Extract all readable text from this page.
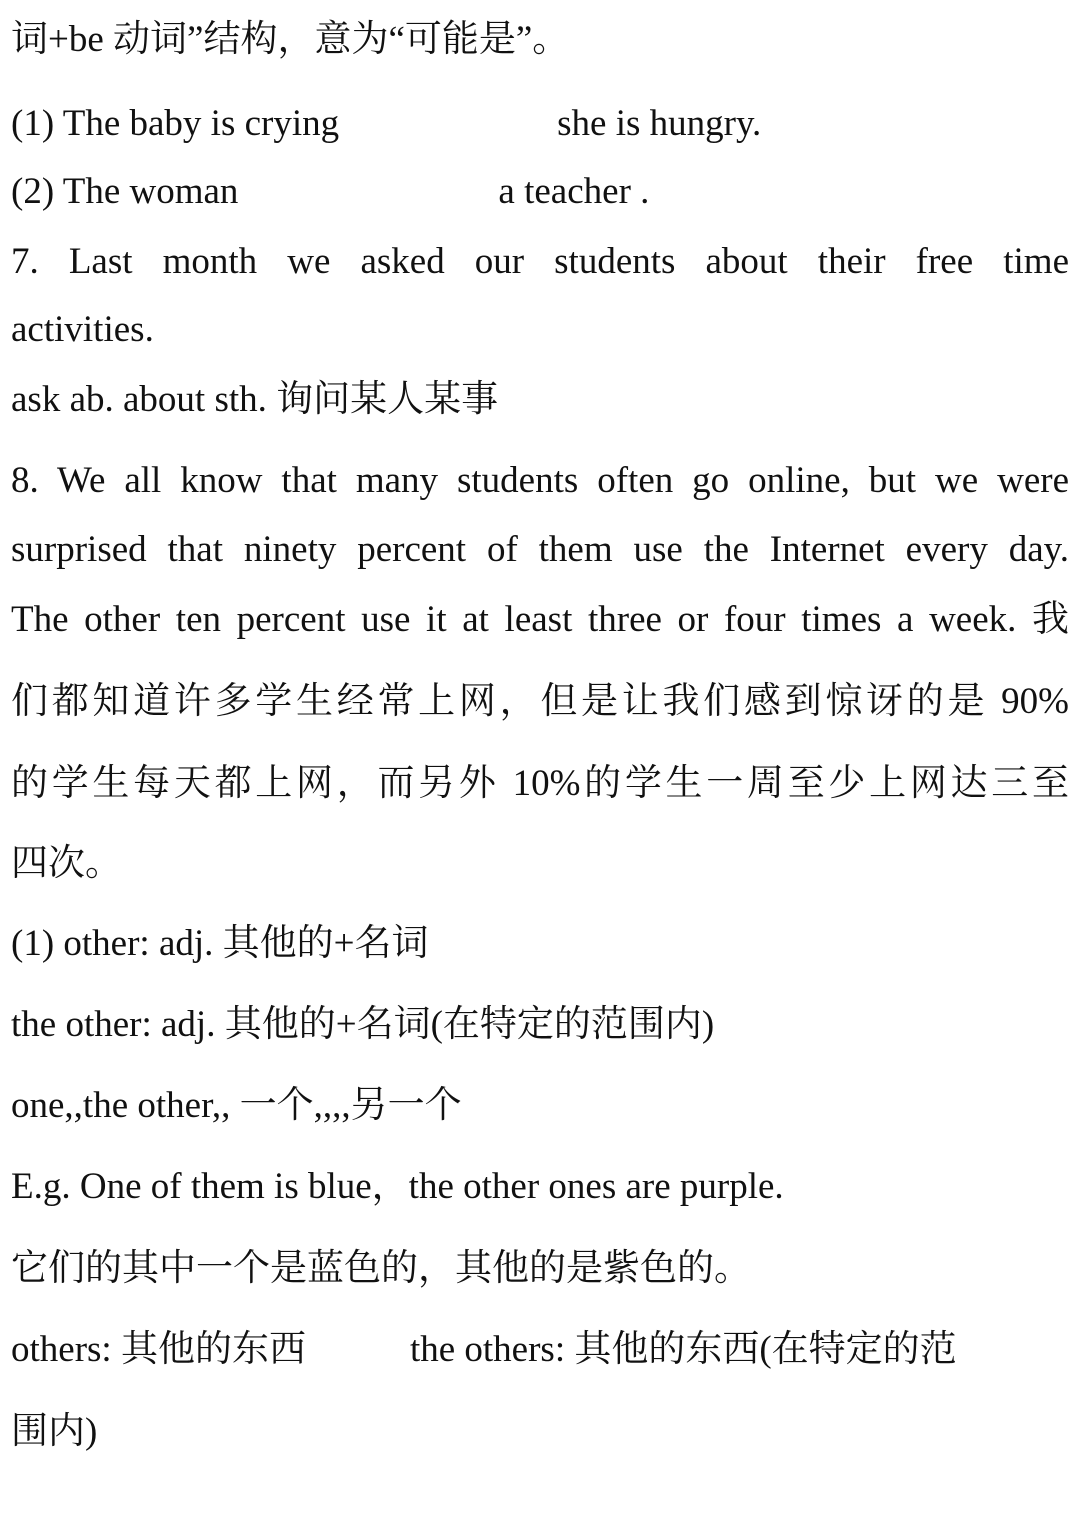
词+be 动词”结构，意为“可能是”。
(1) The baby is crying	she is hungry.
(2) The woman	a teacher .
7. Last month we asked our students about their free time
activities.
ask ab. about sth. 询问某人某事
8. We all know that many students often go online, but we were
surprised that ninety percent of them use the Internet every day.
The other ten percent use it at least three or four times a week. 我
们都知道许多学生经常上网，但是让我们感到惊讶的是 90%
的学生每天都上网，而另外 10%的学生一周至少上网达三至
四次。
(1) other: adj. 其他的+名词
the other: adj. 其他的+名词(在特定的范围内)
one,,the other,, 一个,,,,另一个
E.g. One of them is blue，the other ones are purple.
它们的其中一个是蓝色的，其他的是紫色的。
others: 其他的东西	the others: 其他的东西(在特定的范
围内)
